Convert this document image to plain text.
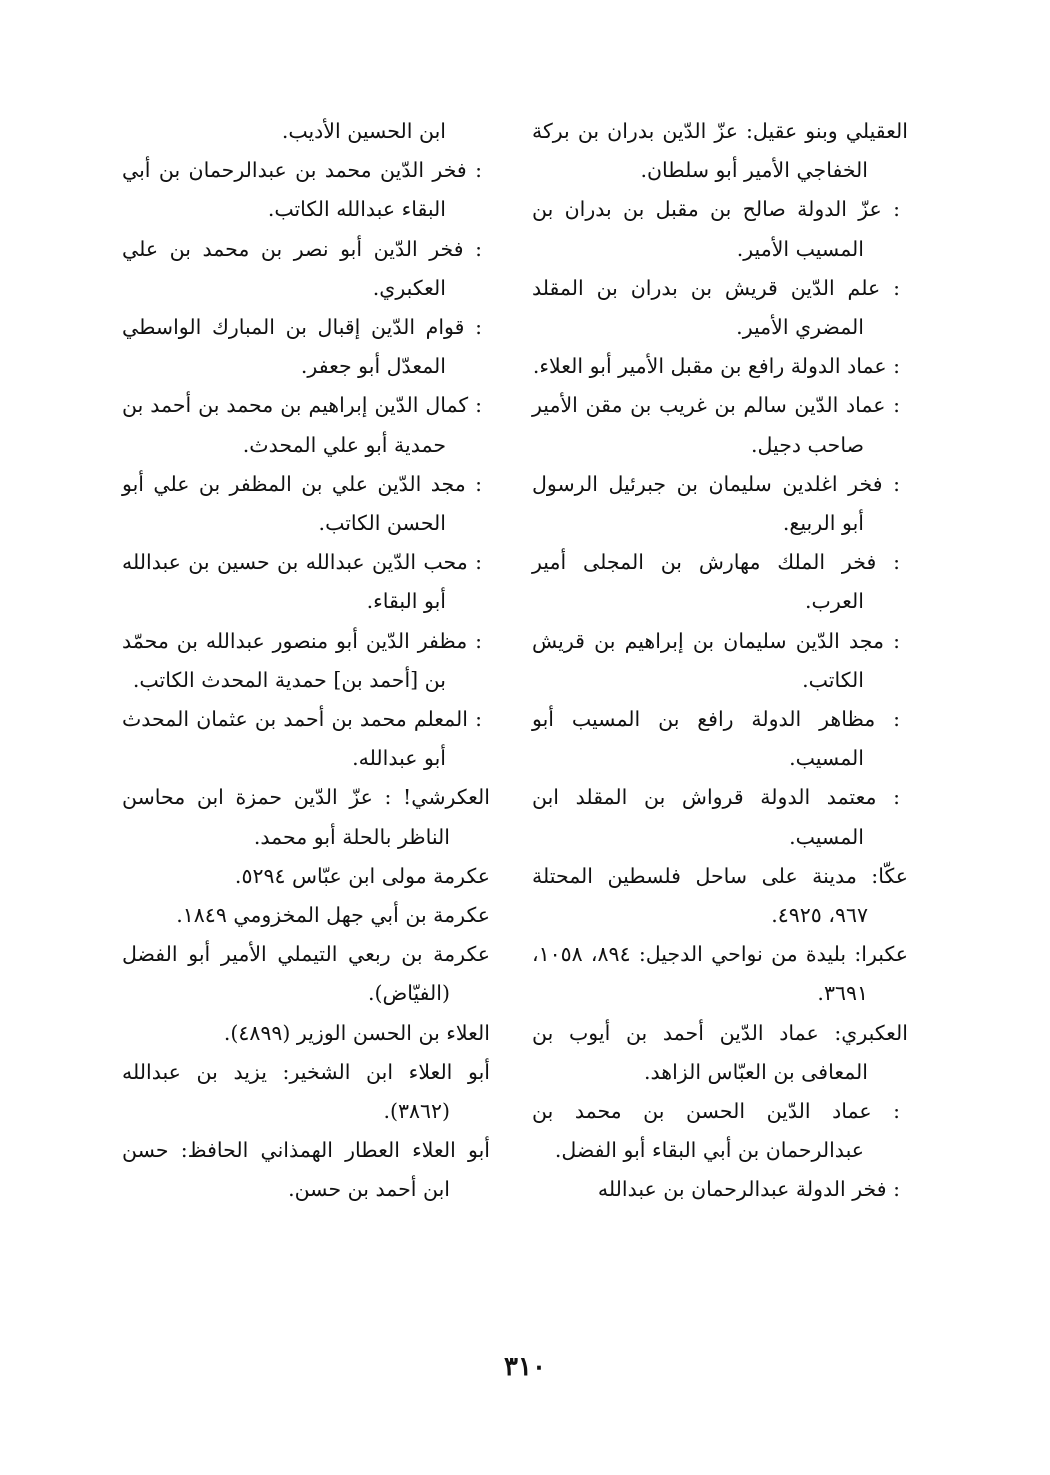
العقيلي وبنو عقيل: عزّ الدّين بدران بن بركة الخفاجي الأمير أبو سلطان.

: عزّ الدولة صالح بن مقبل بن بدران بن المسيب الأمير.

: علم الدّين قريش بن بدران بن المقلد المضري الأمير.

: عماد الدولة رافع بن مقبل الأمير أبو العلاء.

: عماد الدّين سالم بن غريب بن مقن الأمير صاحب دجيل.

: فخر اغلدين سليمان بن جبرئيل الرسول أبو الربيع.

: فخر الملك مهارش بن المجلى أمير العرب.

: مجد الدّين سليمان بن إبراهيم بن قريش الكاتب.

: مظاهر الدولة رافع بن المسيب أبو المسيب.

: معتمد الدولة قرواش بن المقلد ابن المسيب.

عكّا: مدينة على ساحل فلسطين المحتلة ٩٦٧، ٤٩٢٥.

عكبرا: بليدة من نواحي الدجيل: ٨٩٤، ١٠٥٨، ٣٦٩١.

العكبري: عماد الدّين أحمد بن أيوب بن المعافى بن العبّاس الزاهد.

: عماد الدّين الحسن بن محمد بن عبدالرحمان بن أبي البقاء أبو الفضل.

: فخر الدولة عبدالرحمان بن عبدالله

ابن الحسين الأديب.

: فخر الدّين محمد بن عبدالرحمان بن أبي البقاء عبدالله الكاتب.

: فخر الدّين أبو نصر بن محمد بن علي العكبري.

: قوام الدّين إقبال بن المبارك الواسطي المعدّل أبو جعفر.

: كمال الدّين إبراهيم بن محمد بن أحمد بن حمدية أبو علي المحدث.

: مجد الدّين علي بن المظفر بن علي أبو الحسن الكاتب.

: محب الدّين عبدالله بن حسين بن عبدالله أبو البقاء.

: مظفر الدّين أبو منصور عبدالله بن محمّد بن [أحمد بن] حمدية المحدث الكاتب.

: المعلم محمد بن أحمد بن عثمان المحدث أبو عبدالله.

العكرشي! : عزّ الدّين حمزة ابن محاسن الناظر بالحلة أبو محمد.

عكرمة مولى ابن عبّاس ٥٢٩٤.

عكرمة بن أبي جهل المخزومي ١٨٤٩.

عكرمة بن ربعي التيملي الأمير أبو الفضل (الفيّاض).

العلاء بن الحسن الوزير (٤٨٩٩).

أبو العلاء ابن الشخير: يزيد بن عبدالله (٣٨٦٢).

أبو العلاء العطار الهمذاني الحافظ: حسن ابن أحمد بن حسن.

٣١٠
